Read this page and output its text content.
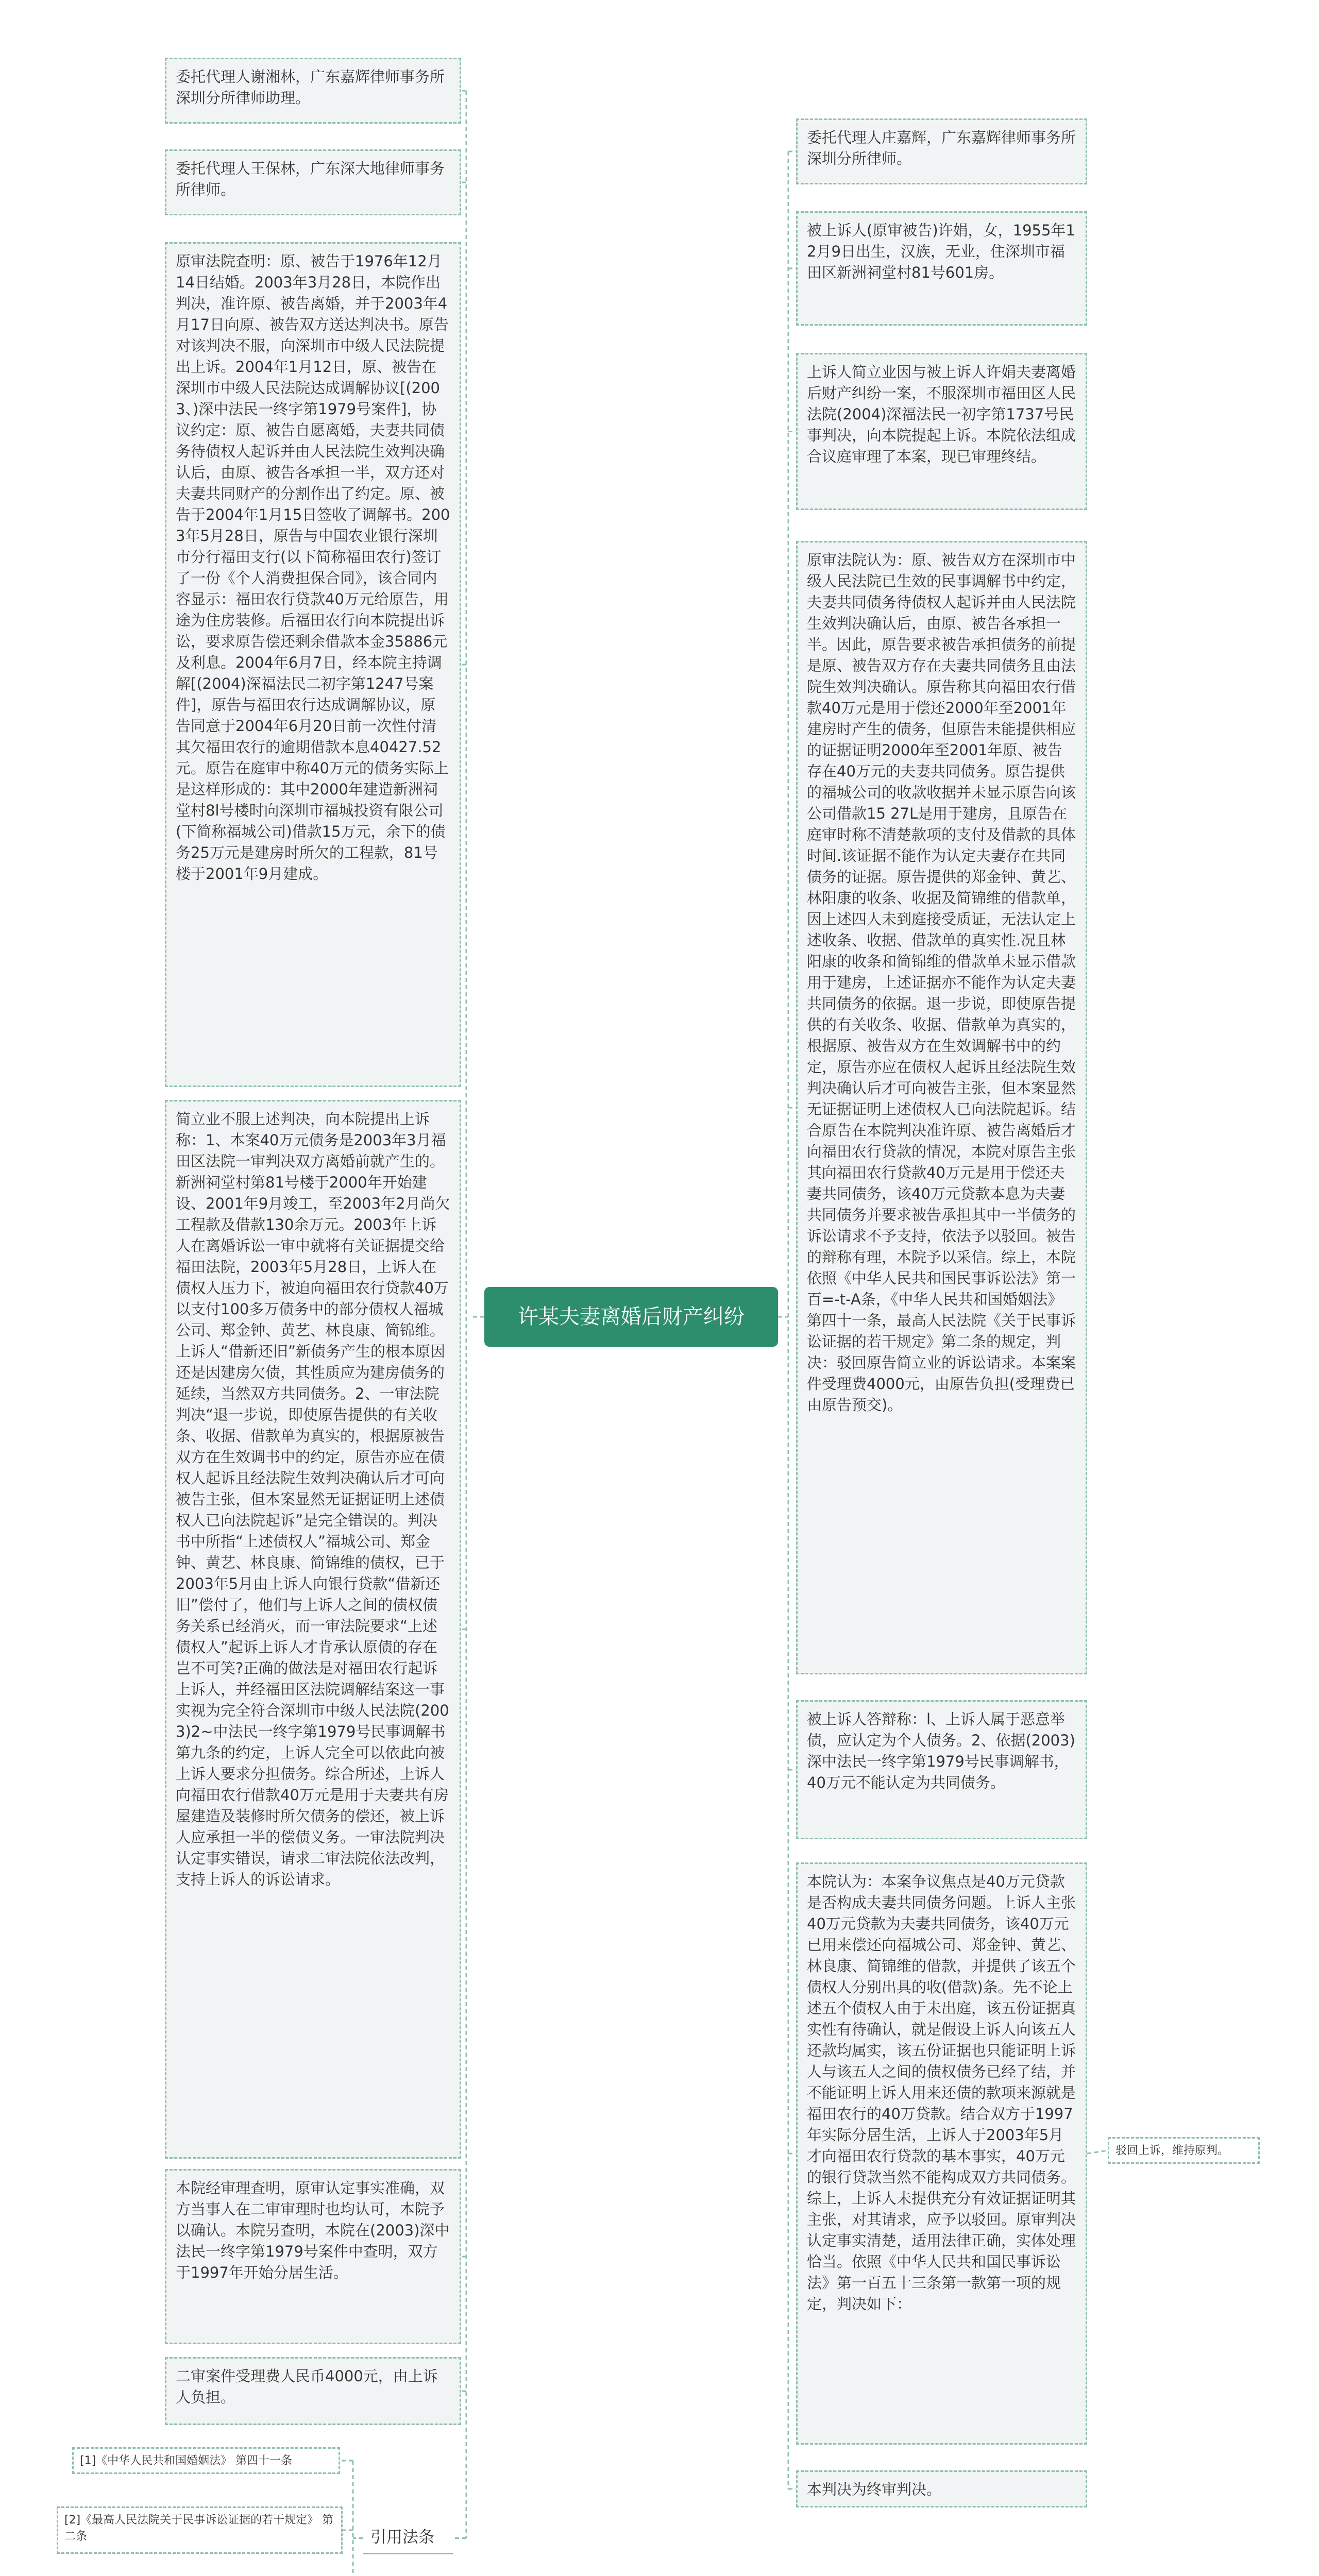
许某夫妻离婚后财产纠纷
委托代理人谢湘林，广东嘉辉律师事务所深圳分所律师助理。
委托代理人王保林，广东深大地律师事务所律师。
原审法院查明：原、被告于1976年12月14日结婚。2003年3月28日，本院作出判决，准许原、被告离婚，并于2003年4月17日向原、被告双方送达判决书。原告对该判决不服，向深圳市中级人民法院提出上诉。2004年1月12日，原、被告在深圳市中级人民法院达成调解协议[(2003、)深中法民一终字第1979号案件]，协议约定：原、被告自愿离婚，夫妻共同债务待债权人起诉并由人民法院生效判决确认后，由原、被告各承担一半，双方还对夫妻共同财产的分割作出了约定。原、被告于2004年1月15日签收了调解书。2003年5月28日，原告与中国农业银行深圳市分行福田支行(以下简称福田农行)签订了一份《个人消费担保合同》，该合同内容显示：福田农行贷款40万元给原告，用途为住房装修。后福田农行向本院提出诉讼，要求原告偿还剩余借款本金35886元及利息。2004年6月7日，经本院主持调解[(2004)深福法民二初字第1247号案件]，原告与福田农行达成调解协议，原告同意于2004年6月20日前一次性付清其欠福田农行的逾期借款本息40427.52元。原告在庭审中称40万元的债务实际上是这样形成的：其中2000年建造新洲祠堂村8l号楼时向深圳市福城投资有限公司(下简称福城公司)借款15万元，余下的债务25万元是建房时所欠的工程款，81号楼于2001年9月建成。
简立业不服上述判决，向本院提出上诉称：1、本案40万元债务是2003年3月福田区法院一审判决双方离婚前就产生的。新洲祠堂村第81号楼于2000年开始建设、2001年9月竣工，至2003年2月尚欠工程款及借款130余万元。2003年上诉人在离婚诉讼一审中就将有关证据提交给福田法院，2003年5月28日，上诉人在债权人压力下，被迫向福田农行贷款40万以支付100多万债务中的部分债权人福城公司、郑金钟、黄艺、林良康、简锦维。上诉人“借新还旧”新债务产生的根本原因还是因建房欠债，其性质应为建房债务的延续，当然双方共同债务。2、一审法院判决“退一步说，即使原告提供的有关收条、收据、借款单为真实的，根据原被告双方在生效调书中的约定，原告亦应在债权人起诉且经法院生效判决确认后才可向被告主张，但本案显然无证据证明上述债权人已向法院起诉”是完全错误的。判决书中所指“上述债权人”福城公司、郑金钟、黄艺、林良康、简锦维的债权，已于2003年5月由上诉人向银行贷款“借新还旧”偿付了，他们与上诉人之间的债权债务关系已经消灭，而一审法院要求“上述债权人”起诉上诉人才肯承认原债的存在岂不可笑?正确的做法是对福田农行起诉上诉人，并经福田区法院调解结案这一事实视为完全符合深圳市中级人民法院(2003)2~中法民一终字第1979号民事调解书第九条的约定，上诉人完全可以依此向被上诉人要求分担债务。综合所述，上诉人向福田农行借款40万元是用于夫妻共有房屋建造及装修时所欠债务的偿还，被上诉人应承担一半的偿债义务。一审法院判决认定事实错误，请求二审法院依法改判，支持上诉人的诉讼请求。
本院经审理查明，原审认定事实准确，双方当事人在二审审理时也均认可，本院予以确认。本院另查明，本院在(2003)深中法民一终字第1979号案件中查明，双方于1997年开始分居生活。
二审案件受理费人民币4000元，由上诉人负担。
引用法条
[1]《中华人民共和国婚姻法》 第四十一条
[2]《最高人民法院关于民事诉讼证据的若干规定》 第二条
委托代理人庄嘉辉，广东嘉辉律师事务所深圳分所律师。
被上诉人(原审被告)许娟，女，1955年12月9日出生，汉族，无业，住深圳市福田区新洲祠堂村81号601房。
上诉人简立业因与被上诉人许娟夫妻离婚后财产纠纷一案，不服深圳市福田区人民法院(2004)深福法民一初字第1737号民事判决，向本院提起上诉。本院依法组成合议庭审理了本案，现已审理终结。
原审法院认为：原、被告双方在深圳市中级人民法院已生效的民事调解书中约定，夫妻共同债务待债权人起诉并由人民法院生效判决确认后，由原、被告各承担一半。因此，原告要求被告承担债务的前提是原、被告双方存在夫妻共同债务且由法院生效判决确认。原告称其向福田农行借款40万元是用于偿还2000年至2001年建房时产生的债务，但原告未能提供相应的证据证明2000年至2001年原、被告存在40万元的夫妻共同债务。原告提供的福城公司的收款收据并未显示原告向该公司借款15 27L是用于建房，且原告在庭审时称不清楚款项的支付及借款的具体时间.该证据不能作为认定夫妻存在共同债务的证据。原告提供的郑金钟、黄艺、林阳康的收条、收据及简锦维的借款单，因上述四人未到庭接受质证，无法认定上述收条、收据、借款单的真实性.况且林阳康的收条和简锦维的借款单未显示借款用于建房，上述证据亦不能作为认定夫妻共同债务的依据。退一步说，即使原告提供的有关收条、收据、借款单为真实的，根据原、被告双方在生效调解书中的约定，原告亦应在债权人起诉且经法院生效判决确认后才可向被告主张，但本案显然无证据证明上述债权人已向法院起诉。结合原告在本院判决准许原、被告离婚后才向福田农行贷款的情况，本院对原告主张其向福田农行贷款40万元是用于偿还夫妻共同债务，该40万元贷款本息为夫妻共同债务并要求被告承担其中一半债务的诉讼请求不予支持，依法予以驳回。被告的辩称有理，本院予以采信。综上，本院依照《中华人民共和国民事诉讼法》第一百=-t-A条，《中华人民共和国婚姻法》第四十一条，最高人民法院《关于民事诉讼证据的若干规定》第二条的规定，判决：驳回原告简立业的诉讼请求。本案案件受理费4000元，由原告负担(受理费已由原告预交)。
被上诉人答辩称：l、上诉人属于恶意举债，应认定为个人债务。2、依据(2003)深中法民一终字第1979号民事调解书，40万元不能认定为共同债务。
本院认为：本案争议焦点是40万元贷款是否构成夫妻共同债务问题。上诉人主张40万元贷款为夫妻共同债务，该40万元已用来偿还向福城公司、郑金钟、黄艺、林良康、简锦维的借款，并提供了该五个债权人分别出具的收(借款)条。先不论上述五个债权人由于未出庭，该五份证据真实性有待确认，就是假设上诉人向该五人还款均属实，该五份证据也只能证明上诉人与该五人之间的债权债务已经了结，并不能证明上诉人用来还债的款项来源就是福田农行的40万贷款。结合双方于1997年实际分居生活，上诉人于2003年5月才向福田农行贷款的基本事实，40万元的银行贷款当然不能构成双方共同债务。综上，上诉人未提供充分有效证据证明其主张，对其请求，应予以驳回。原审判决认定事实清楚，适用法律正确，实体处理恰当。依照《中华人民共和国民事诉讼法》第一百五十三条第一款第一项的规定，判决如下：
本判决为终审判决。
驳回上诉，维持原判。
